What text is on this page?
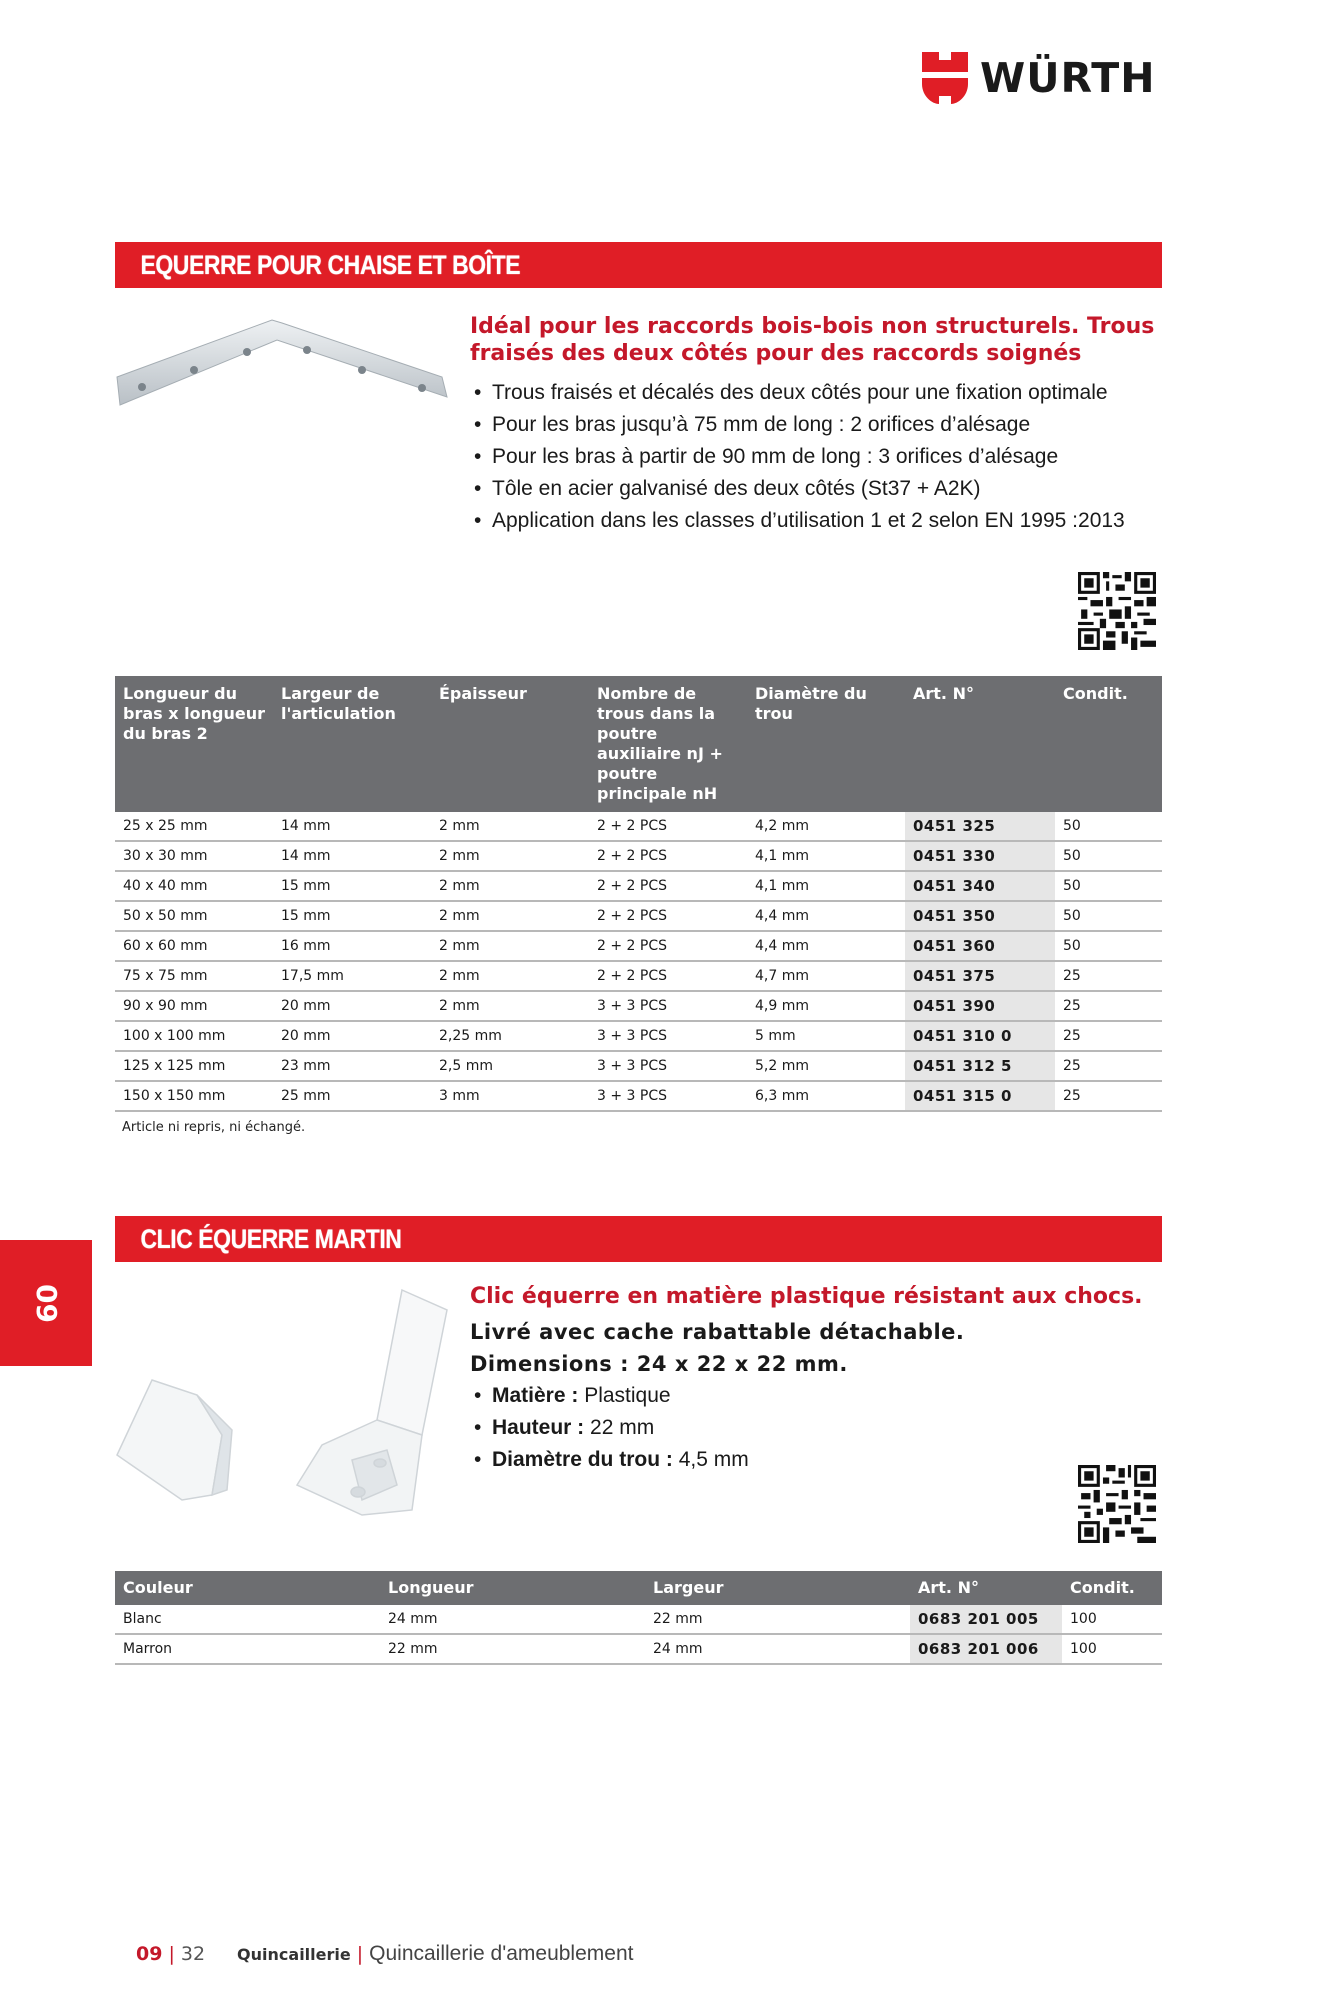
WÜRTH
EQUERRE POUR CHAISE ET BOÎTE
Idéal pour les raccords bois-bois non structurels. Trous fraisés des deux côtés pour des raccords soignés
• Trous fraisés et décalés des deux côtés pour une fixation optimale
• Pour les bras jusqu’à 75 mm de long : 2 orifices d’alésage
• Pour les bras à partir de 90 mm de long : 3 orifices d’alésage
• Tôle en acier galvanisé des deux côtés (St37 + A2K)
• Application dans les classes d’utilisation 1 et 2 selon EN 1995 :2013
Longueur du bras x longueur du bras 2	Largeur de l'articulation	Épaisseur	Nombre de trous dans la poutre auxiliaire nJ + poutre principale nH	Diamètre du trou	Art. N°	Condit.
25 x 25 mm	14 mm	2 mm	2 + 2 PCS	4,2 mm	0451 325	50
30 x 30 mm	14 mm	2 mm	2 + 2 PCS	4,1 mm	0451 330	50
40 x 40 mm	15 mm	2 mm	2 + 2 PCS	4,1 mm	0451 340	50
50 x 50 mm	15 mm	2 mm	2 + 2 PCS	4,4 mm	0451 350	50
60 x 60 mm	16 mm	2 mm	2 + 2 PCS	4,4 mm	0451 360	50
75 x 75 mm	17,5 mm	2 mm	2 + 2 PCS	4,7 mm	0451 375	25
90 x 90 mm	20 mm	2 mm	3 + 3 PCS	4,9 mm	0451 390	25
100 x 100 mm	20 mm	2,25 mm	3 + 3 PCS	5 mm	0451 310 0	25
125 x 125 mm	23 mm	2,5 mm	3 + 3 PCS	5,2 mm	0451 312 5	25
150 x 150 mm	25 mm	3 mm	3 + 3 PCS	6,3 mm	0451 315 0	25
Article ni repris, ni échangé.
09
CLIC ÉQUERRE MARTIN
Clic équerre en matière plastique résistant aux chocs.
Livré avec cache rabattable détachable.
Dimensions : 24 x 22 x 22 mm.
• Matière : Plastique
• Hauteur : 22 mm
• Diamètre du trou : 4,5 mm
Couleur	Longueur	Largeur	Art. N°	Condit.
Blanc	24 mm	22 mm	0683 201 005	100
Marron	22 mm	24 mm	0683 201 006	100
09 | 32 Quincaillerie | Quincaillerie d'ameublement
